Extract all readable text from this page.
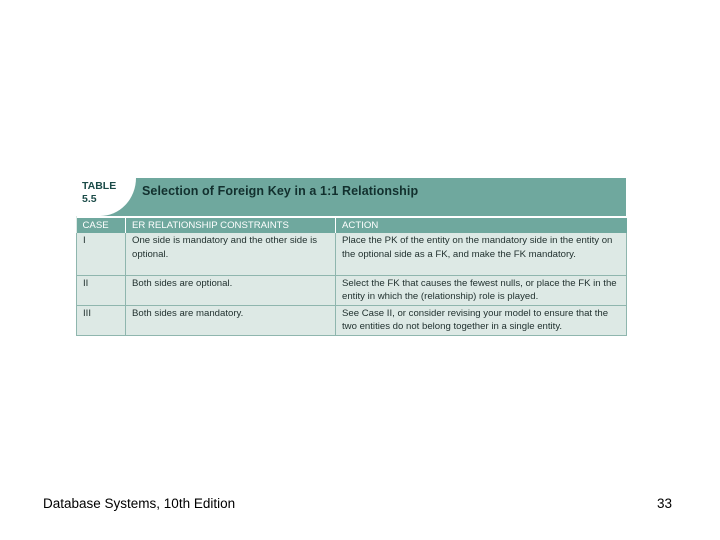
TABLE
5.5
Selection of Foreign Key in a 1:1 Relationship
CASE	ER RELATIONSHIP CONSTRAINTS	ACTION
I	One side is mandatory and the other side is optional.	Place the PK of the entity on the mandatory side in the entity on the optional side as a FK, and make the FK mandatory.
II	Both sides are optional.	Select the FK that causes the fewest nulls, or place the FK in the entity in which the (relationship) role is played.
III	Both sides are mandatory.	See Case II, or consider revising your model to ensure that the two entities do not belong together in a single entity.
Database Systems, 10th Edition	33
